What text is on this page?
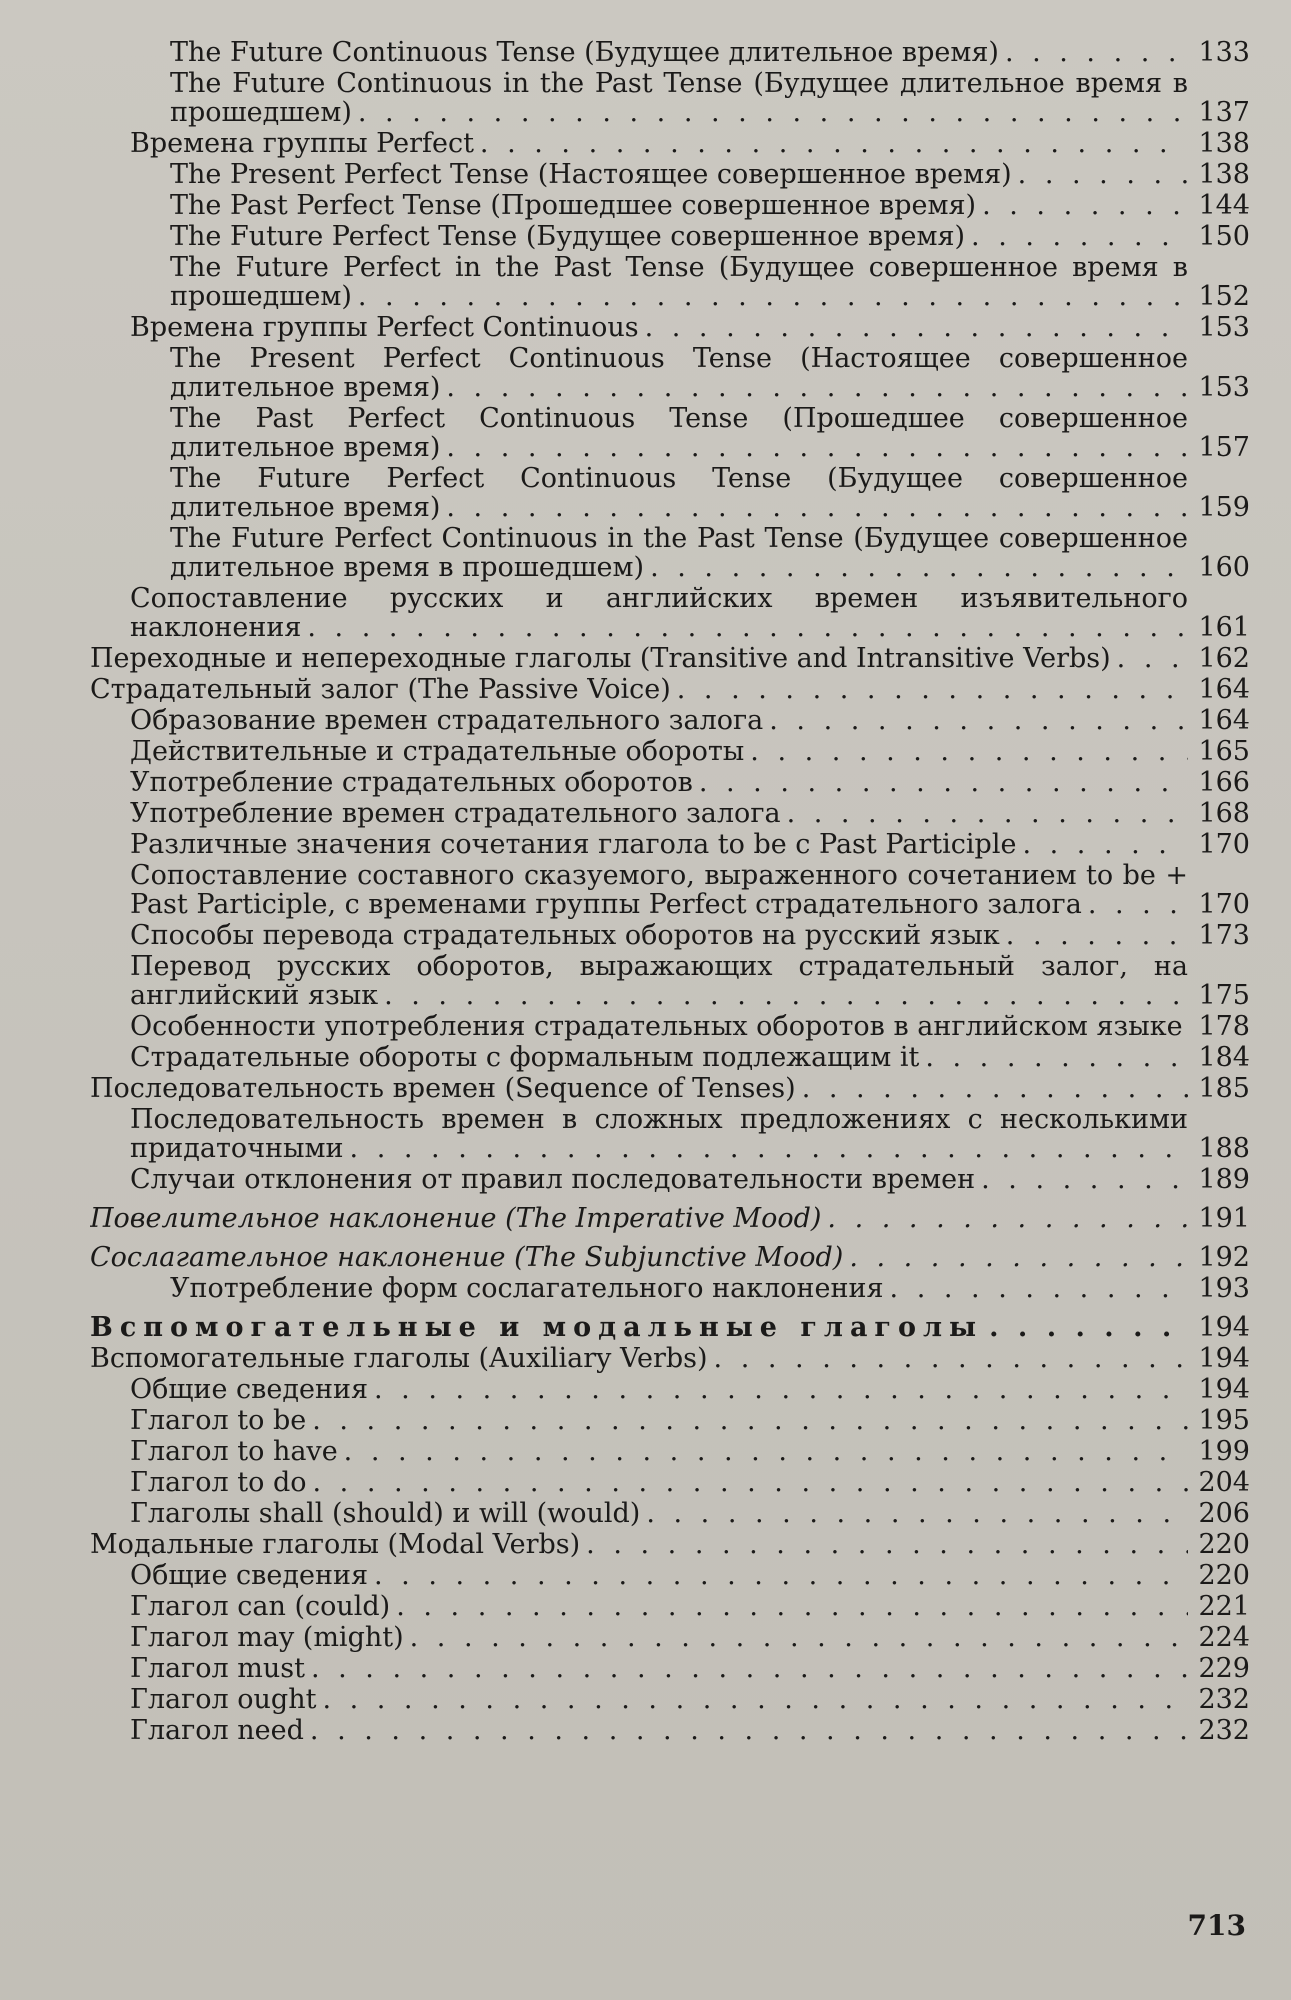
The Future Continuous Tense (Будущее длительное время) . . .	133
The Future Continuous in the Past Tense (Будущее длительное время в прошедшем) . . .	137
Времена группы Perfect . . .	138
The Present Perfect Tense (Настоящее совершенное время) . . .	138
The Past Perfect Tense (Прошедшее совершенное время) . . .	144
The Future Perfect Tense (Будущее совершенное время) . . .	150
The Future Perfect in the Past Tense (Будущее совершенное время в прошедшем) . . .	152
Времена группы Perfect Continuous . . .	153
The Present Perfect Continuous Tense (Настоящее совершенное длительное время) . . .	153
The Past Perfect Continuous Tense (Прошедшее совершенное длительное время) . . .	157
The Future Perfect Continuous Tense (Будущее совершенное длительное время) . . .	159
The Future Perfect Continuous in the Past Tense (Будущее совершенное длительное время в прошедшем) . . .	160
Сопоставление русских и английских времен изъявительного наклонения . . .	161
Переходные и непереходные глаголы (Transitive and Intransitive Verbs) . . .	162
Страдательный залог (The Passive Voice) . . .	164
Образование времен страдательного залога . . .	164
Действительные и страдательные обороты . . .	165
Употребление страдательных оборотов . . .	166
Употребление времен страдательного залога . . .	168
Различные значения сочетания глагола to be с Past Participle . . .	170
Сопоставление составного сказуемого, выраженного сочетанием to be + Past Participle, с временами группы Perfect страдательного залога . . .	170
Способы перевода страдательных оборотов на русский язык . . .	173
Перевод русских оборотов, выражающих страдательный залог, на английский язык . . .	175
Особенности употребления страдательных оборотов в английском языке . . . 178
Страдательные обороты с формальным подлежащим it . . .	184
Последовательность времен (Sequence of Tenses) . . .	185
Последовательность времен в сложных предложениях с несколькими придаточными . . .	188
Случаи отклонения от правил последовательности времен . . .	189
Повелительное наклонение (The Imperative Mood) . . .	191
Сослагательное наклонение (The Subjunctive Mood) . . .	192
Употребление форм сослагательного наклонения . . .	193
Вспомогательные и модальные глаголы . . .	194
Вспомогательные глаголы (Auxiliary Verbs) . . .	194
Общие сведения . . .	194
Глагол to be . . .	195
Глагол to have . . .	199
Глагол to do . . .	204
Глаголы shall (should) и will (would) . . .	206
Модальные глаголы (Modal Verbs) . . .	220
Общие сведения . . .	220
Глагол can (could) . . .	221
Глагол may (might) . . .	224
Глагол must . . .	229
Глагол ought . . .	232
Глагол need . . .	232
713
